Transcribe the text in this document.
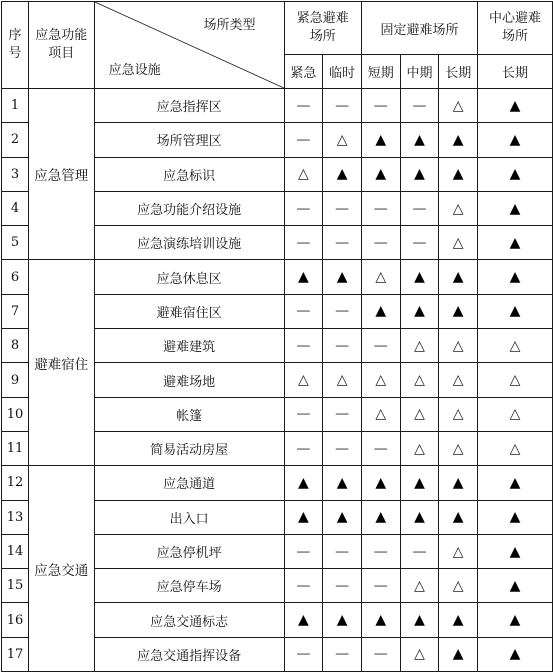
序号	应急功能项目	场所类型
应急设施	紧急避难场所		固定避难场所			中心避难场所
			紧急	临时	短期	中期	长期	长期
1	应急管理	应急指挥区	—	—	—	—	△	▲
2		场所管理区	—	△	▲	▲	▲	▲
3		应急标识	△	▲	▲	▲	▲	▲
4		应急功能介绍设施	—	—	—	—	△	▲
5		应急演练培训设施	—	—	—	—	△	▲
6	避难宿住	应急休息区	▲	▲	△	▲	▲	▲
7		避难宿住区	—	—	▲	▲	▲	▲
8		避难建筑	—	—	—	△	△	△
9		避难场地	△	△	△	△	△	△
10		帐篷	—	—	△	△	△	△
11		简易活动房屋	—	—	—	△	△	△
12	应急交通	应急通道	▲	▲	▲	▲	▲	▲
13		出入口	▲	▲	▲	▲	▲	▲
14		应急停机坪	—	—	—	—	△	▲
15		应急停车场	—	—	—	△	△	▲
16		应急交通标志	▲	▲	▲	▲	▲	▲
17		应急交通指挥设备	—	—	—	△	▲	▲
